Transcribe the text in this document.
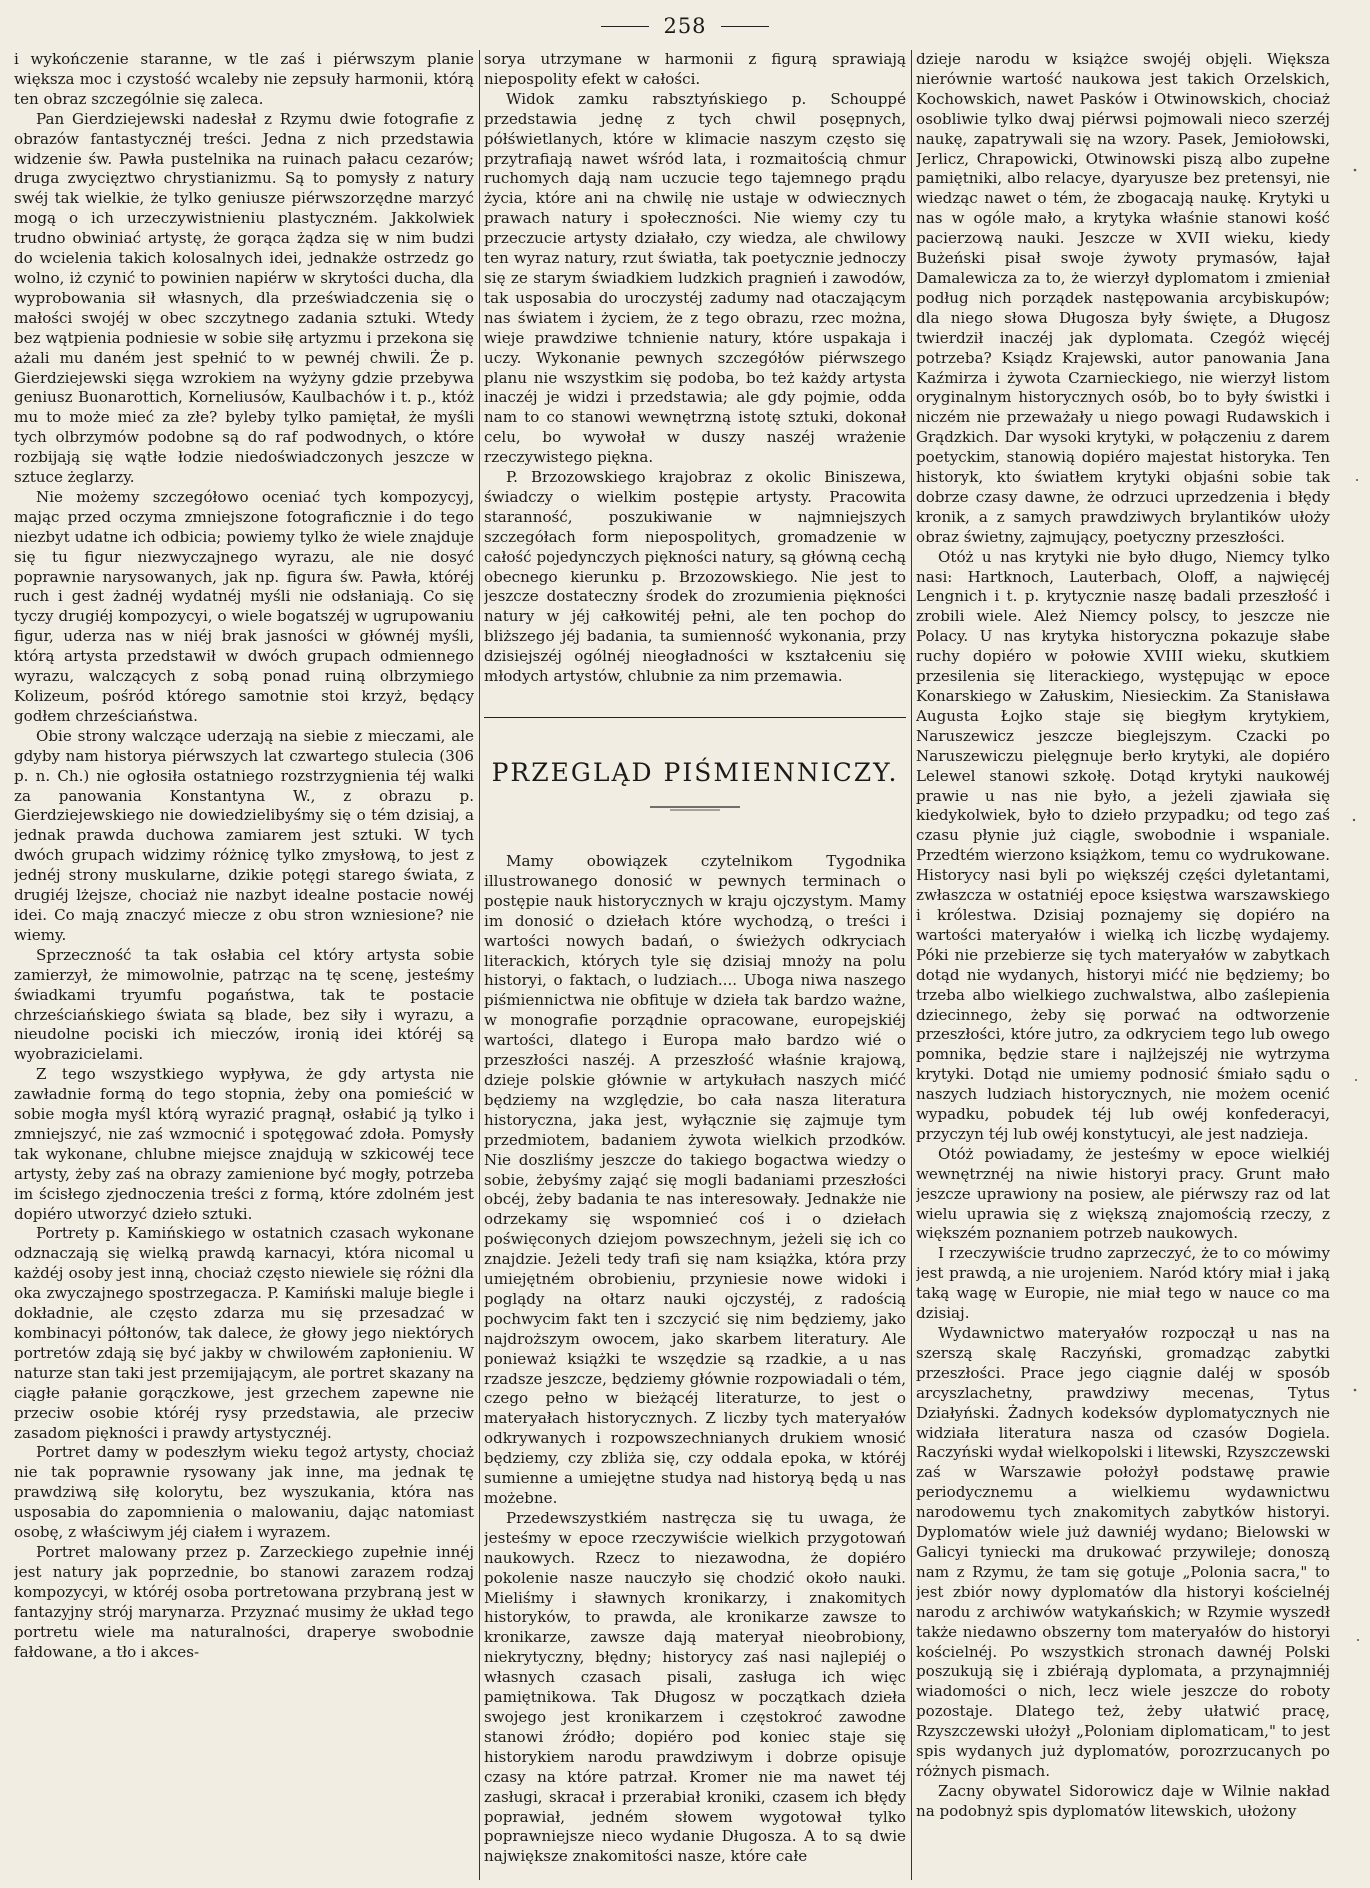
258

i wykończenie staranne, w tle zaś i piérwszym planie większa moc i czystość wcaleby nie zepsuły harmonii, którą ten obraz szczególnie się zaleca.

Pan Gierdziejewski nadesłał z Rzymu dwie fotografie z obrazów fantastycznéj treści. Jedna z nich przedstawia widzenie św. Pawła pustelnika na ruinach pałacu cezarów; druga zwycięztwo chrystianizmu. Są to pomysły z natury swéj tak wielkie, że tylko geniusze piérwszorzędne marzyć mogą o ich urzeczywistnieniu plastyczném. Jakkolwiek trudno obwiniać artystę, że gorąca żądza się w nim budzi do wcielenia takich kolosalnych idei, jednakże ostrzedz go wolno, iż czynić to powinien napiérw w skrytości ducha, dla wyprobowania sił własnych, dla przeświadczenia się o małości swojéj w obec szczytnego zadania sztuki. Wtedy bez wątpienia podniesie w sobie siłę artyzmu i przekona się ażali mu daném jest spełnić to w pewnéj chwili. Że p. Gierdziejewski sięga wzrokiem na wyżyny gdzie przebywa geniusz Buonarottich, Korneliusów, Kaulbachów i t. p., któż mu to może mieć za złe? byleby tylko pamiętał, że myśli tych olbrzymów podobne są do raf podwodnych, o które rozbijają się wątłe łodzie niedoświadczonych jeszcze w sztuce żeglarzy.

Nie możemy szczegółowo oceniać tych kompozycyj, mając przed oczyma zmniejszone fotograficznie i do tego niezbyt udatne ich odbicia; powiemy tylko że wiele znajduje się tu figur niezwyczajnego wyrazu, ale nie dosyć poprawnie narysowanych, jak np. figura św. Pawła, któréj ruch i gest żadnéj wydatnéj myśli nie odsłaniają. Co się tyczy drugiéj kompozycyi, o wiele bogatszéj w ugrupowaniu figur, uderza nas w niéj brak jasności w głównéj myśli, którą artysta przedstawił w dwóch grupach odmiennego wyrazu, walczących z sobą ponad ruiną olbrzymiego Kolizeum, pośród którego samotnie stoi krzyż, będący godłem chrześciaństwa.

Obie strony walczące uderzają na siebie z mieczami, ale gdyby nam historya piérwszych lat czwartego stulecia (306 p. n. Ch.) nie ogłosiła ostatniego rozstrzygnienia téj walki za panowania Konstantyna W., z obrazu p. Gierdziejewskiego nie dowiedzielibyśmy się o tém dzisiaj, a jednak prawda duchowa zamiarem jest sztuki. W tych dwóch grupach widzimy różnicę tylko zmysłową, to jest z jednéj strony muskularne, dzikie potęgi starego świata, z drugiéj lżejsze, chociaż nie nazbyt idealne postacie nowéj idei. Co mają znaczyć miecze z obu stron wzniesione? nie wiemy.

Sprzeczność ta tak osłabia cel który artysta sobie zamierzył, że mimowolnie, patrząc na tę scenę, jesteśmy świadkami tryumfu pogaństwa, tak te postacie chrześciańskiego świata są blade, bez siły i wyrazu, a nieudolne pociski ich mieczów, ironią idei któréj są wyobrazicielami.

Z tego wszystkiego wypływa, że gdy artysta nie zawładnie formą do tego stopnia, żeby ona pomieścić w sobie mogła myśl którą wyrazić pragnął, osłabić ją tylko i zmniejszyć, nie zaś wzmocnić i spotęgować zdoła. Pomysły tak wykonane, chlubne miejsce znajdują w szkicowéj tece artysty, żeby zaś na obrazy zamienione być mogły, potrzeba im ścisłego zjednoczenia treści z formą, które zdolném jest dopiéro utworzyć dzieło sztuki.

Portrety p. Kamińskiego w ostatnich czasach wykonane odznaczają się wielką prawdą karnacyi, która nicomal u każdéj osoby jest inną, chociaż często niewiele się różni dla oka zwyczajnego spostrzegacza. P. Kamiński maluje biegle i dokładnie, ale często zdarza mu się przesadzać w kombinacyi półtonów, tak dalece, że głowy jego niektórych portretów zdają się być jakby w chwilowém zapłonieniu. W naturze stan taki jest przemijającym, ale portret skazany na ciągłe pałanie gorączkowe, jest grzechem zapewne nie przeciw osobie któréj rysy przedstawia, ale przeciw zasadom piękności i prawdy artystycznéj.

Portret damy w podeszłym wieku tegoż artysty, chociaż nie tak poprawnie rysowany jak inne, ma jednak tę prawdziwą siłę kolorytu, bez wyszukania, która nas usposabia do zapomnienia o malowaniu, dając natomiast osobę, z właściwym jéj ciałem i wyrazem.

Portret malowany przez p. Zarzeckiego zupełnie innéj jest natury jak poprzednie, bo stanowi zarazem rodzaj kompozycyi, w któréj osoba portretowana przybraną jest w fantazyjny strój marynarza. Przyznać musimy że układ tego portretu wiele ma naturalności, draperye swobodnie fałdowane, a tło i akces-

sorya utrzymane w harmonii z figurą sprawiają niepospolity efekt w całości.

Widok zamku rabsztyńskiego p. Schouppé przedstawia jednę z tych chwil posępnych, półświetlanych, które w klimacie naszym często się przytrafiają nawet wśród lata, i rozmaitością chmur ruchomych dają nam uczucie tego tajemnego prądu życia, które ani na chwilę nie ustaje w odwiecznych prawach natury i społeczności. Nie wiemy czy tu przeczucie artysty działało, czy wiedza, ale chwilowy ten wyraz natury, rzut światła, tak poetycznie jednoczy się ze starym świadkiem ludzkich pragnień i zawodów, tak usposabia do uroczystéj zadumy nad otaczającym nas światem i życiem, że z tego obrazu, rzec można, wieje prawdziwe tchnienie natury, które uspakaja i uczy. Wykonanie pewnych szczegółów piérwszego planu nie wszystkim się podoba, bo też każdy artysta inaczéj je widzi i przedstawia; ale gdy pojmie, odda nam to co stanowi wewnętrzną istotę sztuki, dokonał celu, bo wywołał w duszy naszéj wrażenie rzeczywistego piękna.

P. Brzozowskiego krajobraz z okolic Biniszewa, świadczy o wielkim postępie artysty. Pracowita staranność, poszukiwanie w najmniejszych szczegółach form niepospolitych, gromadzenie w całość pojedynczych piękności natury, są główną cechą obecnego kierunku p. Brzozowskiego. Nie jest to jeszcze dostateczny środek do zrozumienia piękności natury w jéj całkowitéj pełni, ale ten pochop do bliższego jéj badania, ta sumienność wykonania, przy dzisiejszéj ogólnéj nieogładności w kształceniu się młodych artystów, chlubnie za nim przemawia.

PRZEGLĄD PIŚMIENNICZY.

Mamy obowiązek czytelnikom Tygodnika illustrowanego donosić w pewnych terminach o postępie nauk historycznych w kraju ojczystym. Mamy im donosić o dziełach które wychodzą, o treści i wartości nowych badań, o świeżych odkryciach literackich, których tyle się dzisiaj mnoży na polu historyi, o faktach, o ludziach.... Uboga niwa naszego piśmiennictwa nie obfituje w dzieła tak bardzo ważne, w monografie porządnie opracowane, europejskiéj wartości, dlatego i Europa mało bardzo wié o przeszłości naszéj. A przeszłość właśnie krajową, dzieje polskie głównie w artykułach naszych mićć będziemy na względzie, bo cała nasza literatura historyczna, jaka jest, wyłącznie się zajmuje tym przedmiotem, badaniem żywota wielkich przodków. Nie doszliśmy jeszcze do takiego bogactwa wiedzy o sobie, żebyśmy zająć się mogli badaniami przeszłości obcéj, żeby badania te nas interesowały. Jednakże nie odrzekamy się wspomnieć coś i o dziełach poświęconych dziejom powszechnym, jeżeli się ich co znajdzie. Jeżeli tedy trafi się nam książka, która przy umiejętném obrobieniu, przyniesie nowe widoki i poglądy na ołtarz nauki ojczystéj, z radością pochwycim fakt ten i szczycić się nim będziemy, jako najdroższym owocem, jako skarbem literatury. Ale ponieważ książki te wszędzie są rzadkie, a u nas rzadsze jeszcze, będziemy głównie rozpowiadali o tém, czego pełno w bieżącéj literaturze, to jest o materyałach historycznych. Z liczby tych materyałów odkrywanych i rozpowszechnianych drukiem wnosić będziemy, czy zbliża się, czy oddala epoka, w któréj sumienne a umiejętne studya nad historyą będą u nas możebne.

Przedewszystkiém nastręcza się tu uwaga, że jesteśmy w epoce rzeczywiście wielkich przygotowań naukowych. Rzecz to niezawodna, że dopiéro pokolenie nasze nauczyło się chodzić około nauki. Mieliśmy i sławnych kronikarzy, i znakomitych historyków, to prawda, ale kronikarze zawsze to kronikarze, zawsze dają materyał nieobrobiony, niekrytyczny, błędny; historycy zaś nasi najlepiéj o własnych czasach pisali, zasługa ich więc pamiętnikowa. Tak Długosz w początkach dzieła swojego jest kronikarzem i częstokroć zawodne stanowi źródło; dopiéro pod koniec staje się historykiem narodu prawdziwym i dobrze opisuje czasy na które patrzał. Kromer nie ma nawet téj zasługi, skracał i przerabiał kroniki, czasem ich błędy poprawiał, jedném słowem wygotował tylko poprawniejsze nieco wydanie Długosza. A to są dwie największe znakomitości nasze, które całe

dzieje narodu w książce swojéj objęli. Większa nierównie wartość naukowa jest takich Orzelskich, Kochowskich, nawet Pasków i Otwinowskich, chociaż osobliwie tylko dwaj piérwsi pojmowali nieco szerzéj naukę, zapatrywali się na wzory. Pasek, Jemiołowski, Jerlicz, Chrapowicki, Otwinowski piszą albo zupełne pamiętniki, albo relacye, dyaryusze bez pretensyi, nie wiedząc nawet o tém, że zbogacają naukę. Krytyki u nas w ogóle mało, a krytyka właśnie stanowi kość pacierzową nauki. Jeszcze w XVII wieku, kiedy Bużeński pisał swoje żywoty prymasów, łajał Damalewicza za to, że wierzył dyplomatom i zmieniał podług nich porządek następowania arcybiskupów; dla niego słowa Długosza były święte, a Długosz twierdził inaczéj jak dyplomata. Czegóż więcéj potrzeba? Ksiądz Krajewski, autor panowania Jana Kaźmirza i żywota Czarnieckiego, nie wierzył listom oryginalnym historycznych osób, bo to były świstki i niczém nie przeważały u niego powagi Rudawskich i Grądzkich. Dar wysoki krytyki, w połączeniu z darem poetyckim, stanowią dopiéro majestat historyka. Ten historyk, kto światłem krytyki objaśni sobie tak dobrze czasy dawne, że odrzuci uprzedzenia i błędy kronik, a z samych prawdziwych brylantików ułoży obraz świetny, zajmujący, poetyczny przeszłości.

Otóż u nas krytyki nie było długo, Niemcy tylko nasi: Hartknoch, Lauterbach, Oloff, a najwięcéj Lengnich i t. p. krytycznie naszę badali przeszłość i zrobili wiele. Ależ Niemcy polscy, to jeszcze nie Polacy. U nas krytyka historyczna pokazuje słabe ruchy dopiéro w połowie XVIII wieku, skutkiem przesilenia się literackiego, występując w epoce Konarskiego w Załuskim, Niesieckim. Za Stanisława Augusta Łojko staje się biegłym krytykiem, Naruszewicz jeszcze bieglejszym. Czacki po Naruszewiczu pielęgnuje berło krytyki, ale dopiéro Lelewel stanowi szkołę. Dotąd krytyki naukowéj prawie u nas nie było, a jeżeli zjawiała się kiedykolwiek, było to dzieło przypadku; od tego zaś czasu płynie już ciągle, swobodnie i wspaniale. Przedtém wierzono książkom, temu co wydrukowane. Historycy nasi byli po większéj części dyletantami, zwłaszcza w ostatniéj epoce księstwa warszawskiego i królestwa. Dzisiaj poznajemy się dopiéro na wartości materyałów i wielką ich liczbę wydajemy. Póki nie przebierze się tych materyałów w zabytkach dotąd nie wydanych, historyi mićć nie będziemy; bo trzeba albo wielkiego zuchwalstwa, albo zaślepienia dziecinnego, żeby się porwać na odtworzenie przeszłości, które jutro, za odkryciem tego lub owego pomnika, będzie stare i najlżejszéj nie wytrzyma krytyki. Dotąd nie umiemy podnosić śmiało sądu o naszych ludziach historycznych, nie możem ocenić wypadku, pobudek téj lub owéj konfederacyi, przyczyn téj lub owéj konstytucyi, ale jest nadzieja.

Otóż powiadamy, że jesteśmy w epoce wielkiéj wewnętrznéj na niwie historyi pracy. Grunt mało jeszcze uprawiony na posiew, ale piérwszy raz od lat wielu uprawia się z większą znajomością rzeczy, z większém poznaniem potrzeb naukowych.

I rzeczywiście trudno zaprzeczyć, że to co mówimy jest prawdą, a nie urojeniem. Naród który miał i jaką taką wagę w Europie, nie miał tego w nauce co ma dzisiaj.

Wydawnictwo materyałów rozpoczął u nas na szerszą skalę Raczyński, gromadząc zabytki przeszłości. Prace jego ciągnie daléj w sposób arcyszlachetny, prawdziwy mecenas, Tytus Działyński. Żadnych kodeksów dyplomatycznych nie widziała literatura nasza od czasów Dogiela. Raczyński wydał wielkopolski i litewski, Rzyszczewski zaś w Warszawie położył podstawę prawie periodycznemu a wielkiemu wydawnictwu narodowemu tych znakomitych zabytków historyi. Dyplomatów wiele już dawniéj wydano; Bielowski w Galicyi tyniecki ma drukować przywileje; donoszą nam z Rzymu, że tam się gotuje „Polonia sacra," to jest zbiór nowy dyplomatów dla historyi kościelnéj narodu z archiwów watykańskich; w Rzymie wyszedł także niedawno obszerny tom materyałów do historyi kościelnéj. Po wszystkich stronach dawnéj Polski poszukują się i zbiérają dyplomata, a przynajmniéj wiadomości o nich, lecz wiele jeszcze do roboty pozostaje. Dlatego też, żeby ułatwić pracę, Rzyszczewski ułożył „Poloniam diplomaticam," to jest spis wydanych już dyplomatów, porozrzucanych po różnych pismach.

Zacny obywatel Sidorowicz daje w Wilnie nakład na podobnyż spis dyplomatów litewskich, ułożony
